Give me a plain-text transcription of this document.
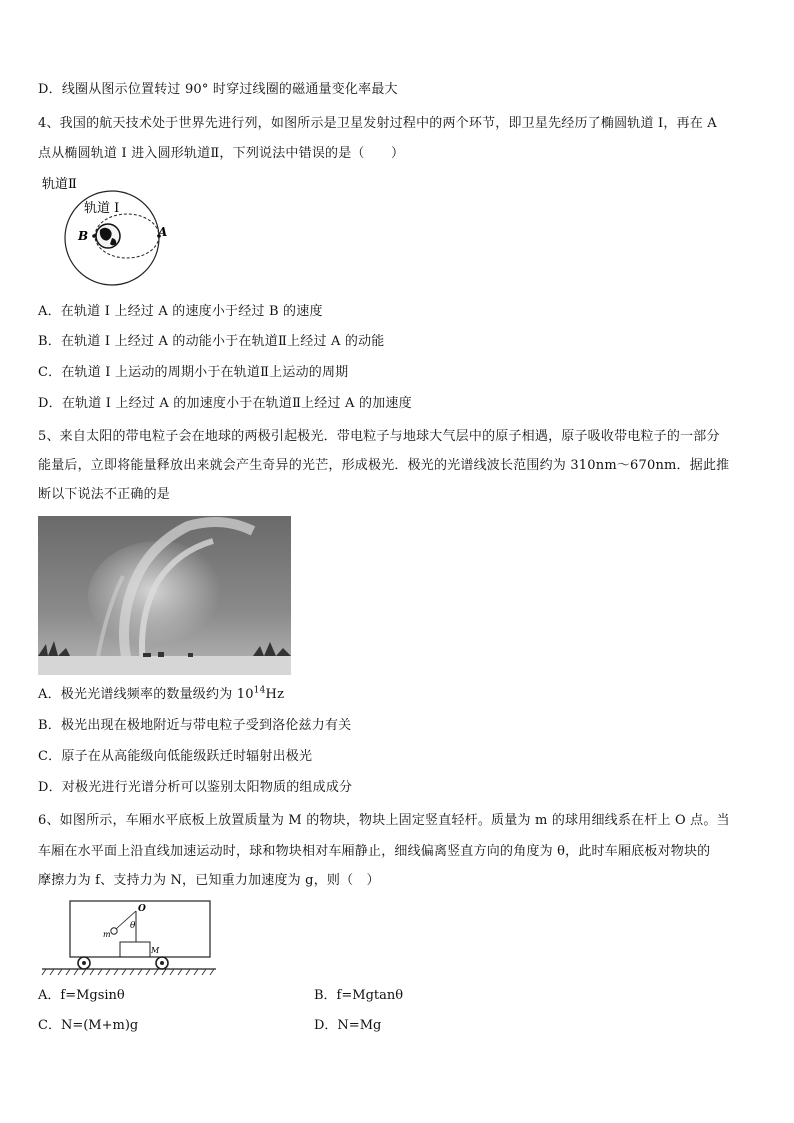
D．线圈从图示位置转过 90° 时穿过线圈的磁通量变化率最大
4、我国的航天技术处于世界先进行列，如图所示是卫星发射过程中的两个环节，即卫星先经历了椭圆轨道 I，再在 A
点从椭圆轨道 I 进入圆形轨道Ⅱ，下列说法中错误的是（　　）
轨道Ⅱ
轨道 I
B	A
A．在轨道 I 上经过 A 的速度小于经过 B 的速度
B．在轨道 I 上经过 A 的动能小于在轨道Ⅱ上经过 A 的动能
C．在轨道 I 上运动的周期小于在轨道Ⅱ上运动的周期
D．在轨道 I 上经过 A 的加速度小于在轨道Ⅱ上经过 A 的加速度
5、来自太阳的带电粒子会在地球的两极引起极光．带电粒子与地球大气层中的原子相遇，原子吸收带电粒子的一部分
能量后，立即将能量释放出来就会产生奇异的光芒，形成极光．极光的光谱线波长范围约为 310nm～670nm．据此推
断以下说法不正确的是
A．极光光谱线频率的数量级约为 $10^{14}Hz$
B．极光出现在极地附近与带电粒子受到洛伦兹力有关
C．原子在从高能级向低能级跃迁时辐射出极光
D．对极光进行光谱分析可以鉴别太阳物质的组成成分
6、如图所示，车厢水平底板上放置质量为 M 的物块，物块上固定竖直轻杆。质量为 m 的球用细线系在杆上 O 点。当
车厢在水平面上沿直线加速运动时，球和物块相对车厢静止，细线偏离竖直方向的角度为 θ，此时车厢底板对物块的
摩擦力为 f、支持力为 N，已知重力加速度为 g，则（　）
O
θ
m
M
A．f=Mgsinθ	B．f=Mgtanθ
C．N=(M+m)g	D．N=Mg
